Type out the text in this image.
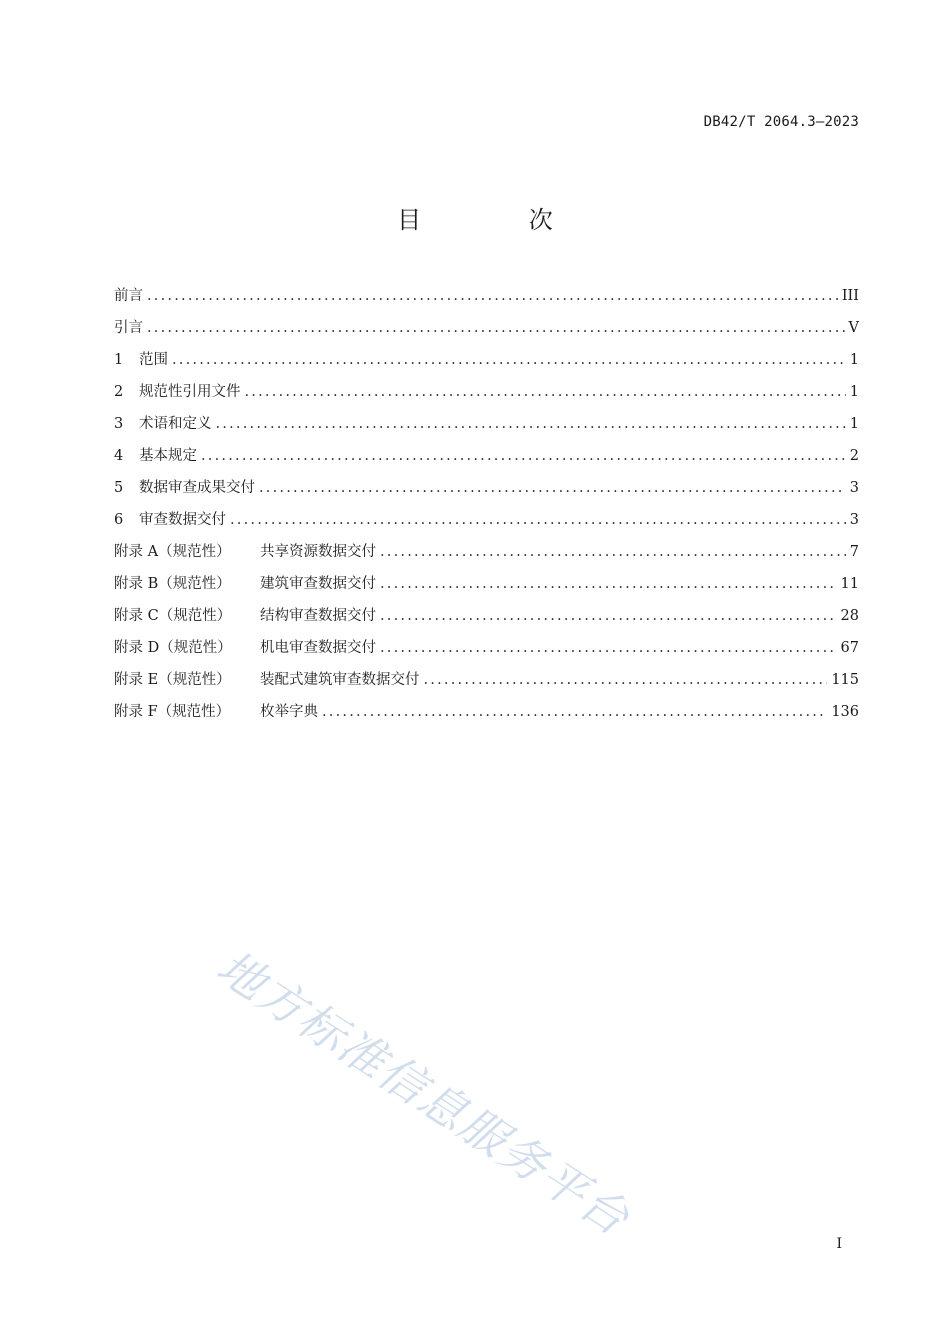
DB42/T 2064.3—2023
目 次
前言 .....	III
引言 .....	V
1	范围 .....	1
2	规范性引用文件 .....	1
3	术语和定义 .....	1
4	基本规定 .....	2
5	数据审查成果交付 .....	3
6	审查数据交付 .....	3
附录 A（规范性）	共享资源数据交付 .....	7
附录 B（规范性）	建筑审查数据交付 .....	11
附录 C（规范性）	结构审查数据交付 .....	28
附录 D（规范性）	机电审查数据交付 .....	67
附录 E（规范性）	装配式建筑审查数据交付 .....	115
附录 F（规范性）	枚举字典 .....	136
地方标准信息服务平台	I
